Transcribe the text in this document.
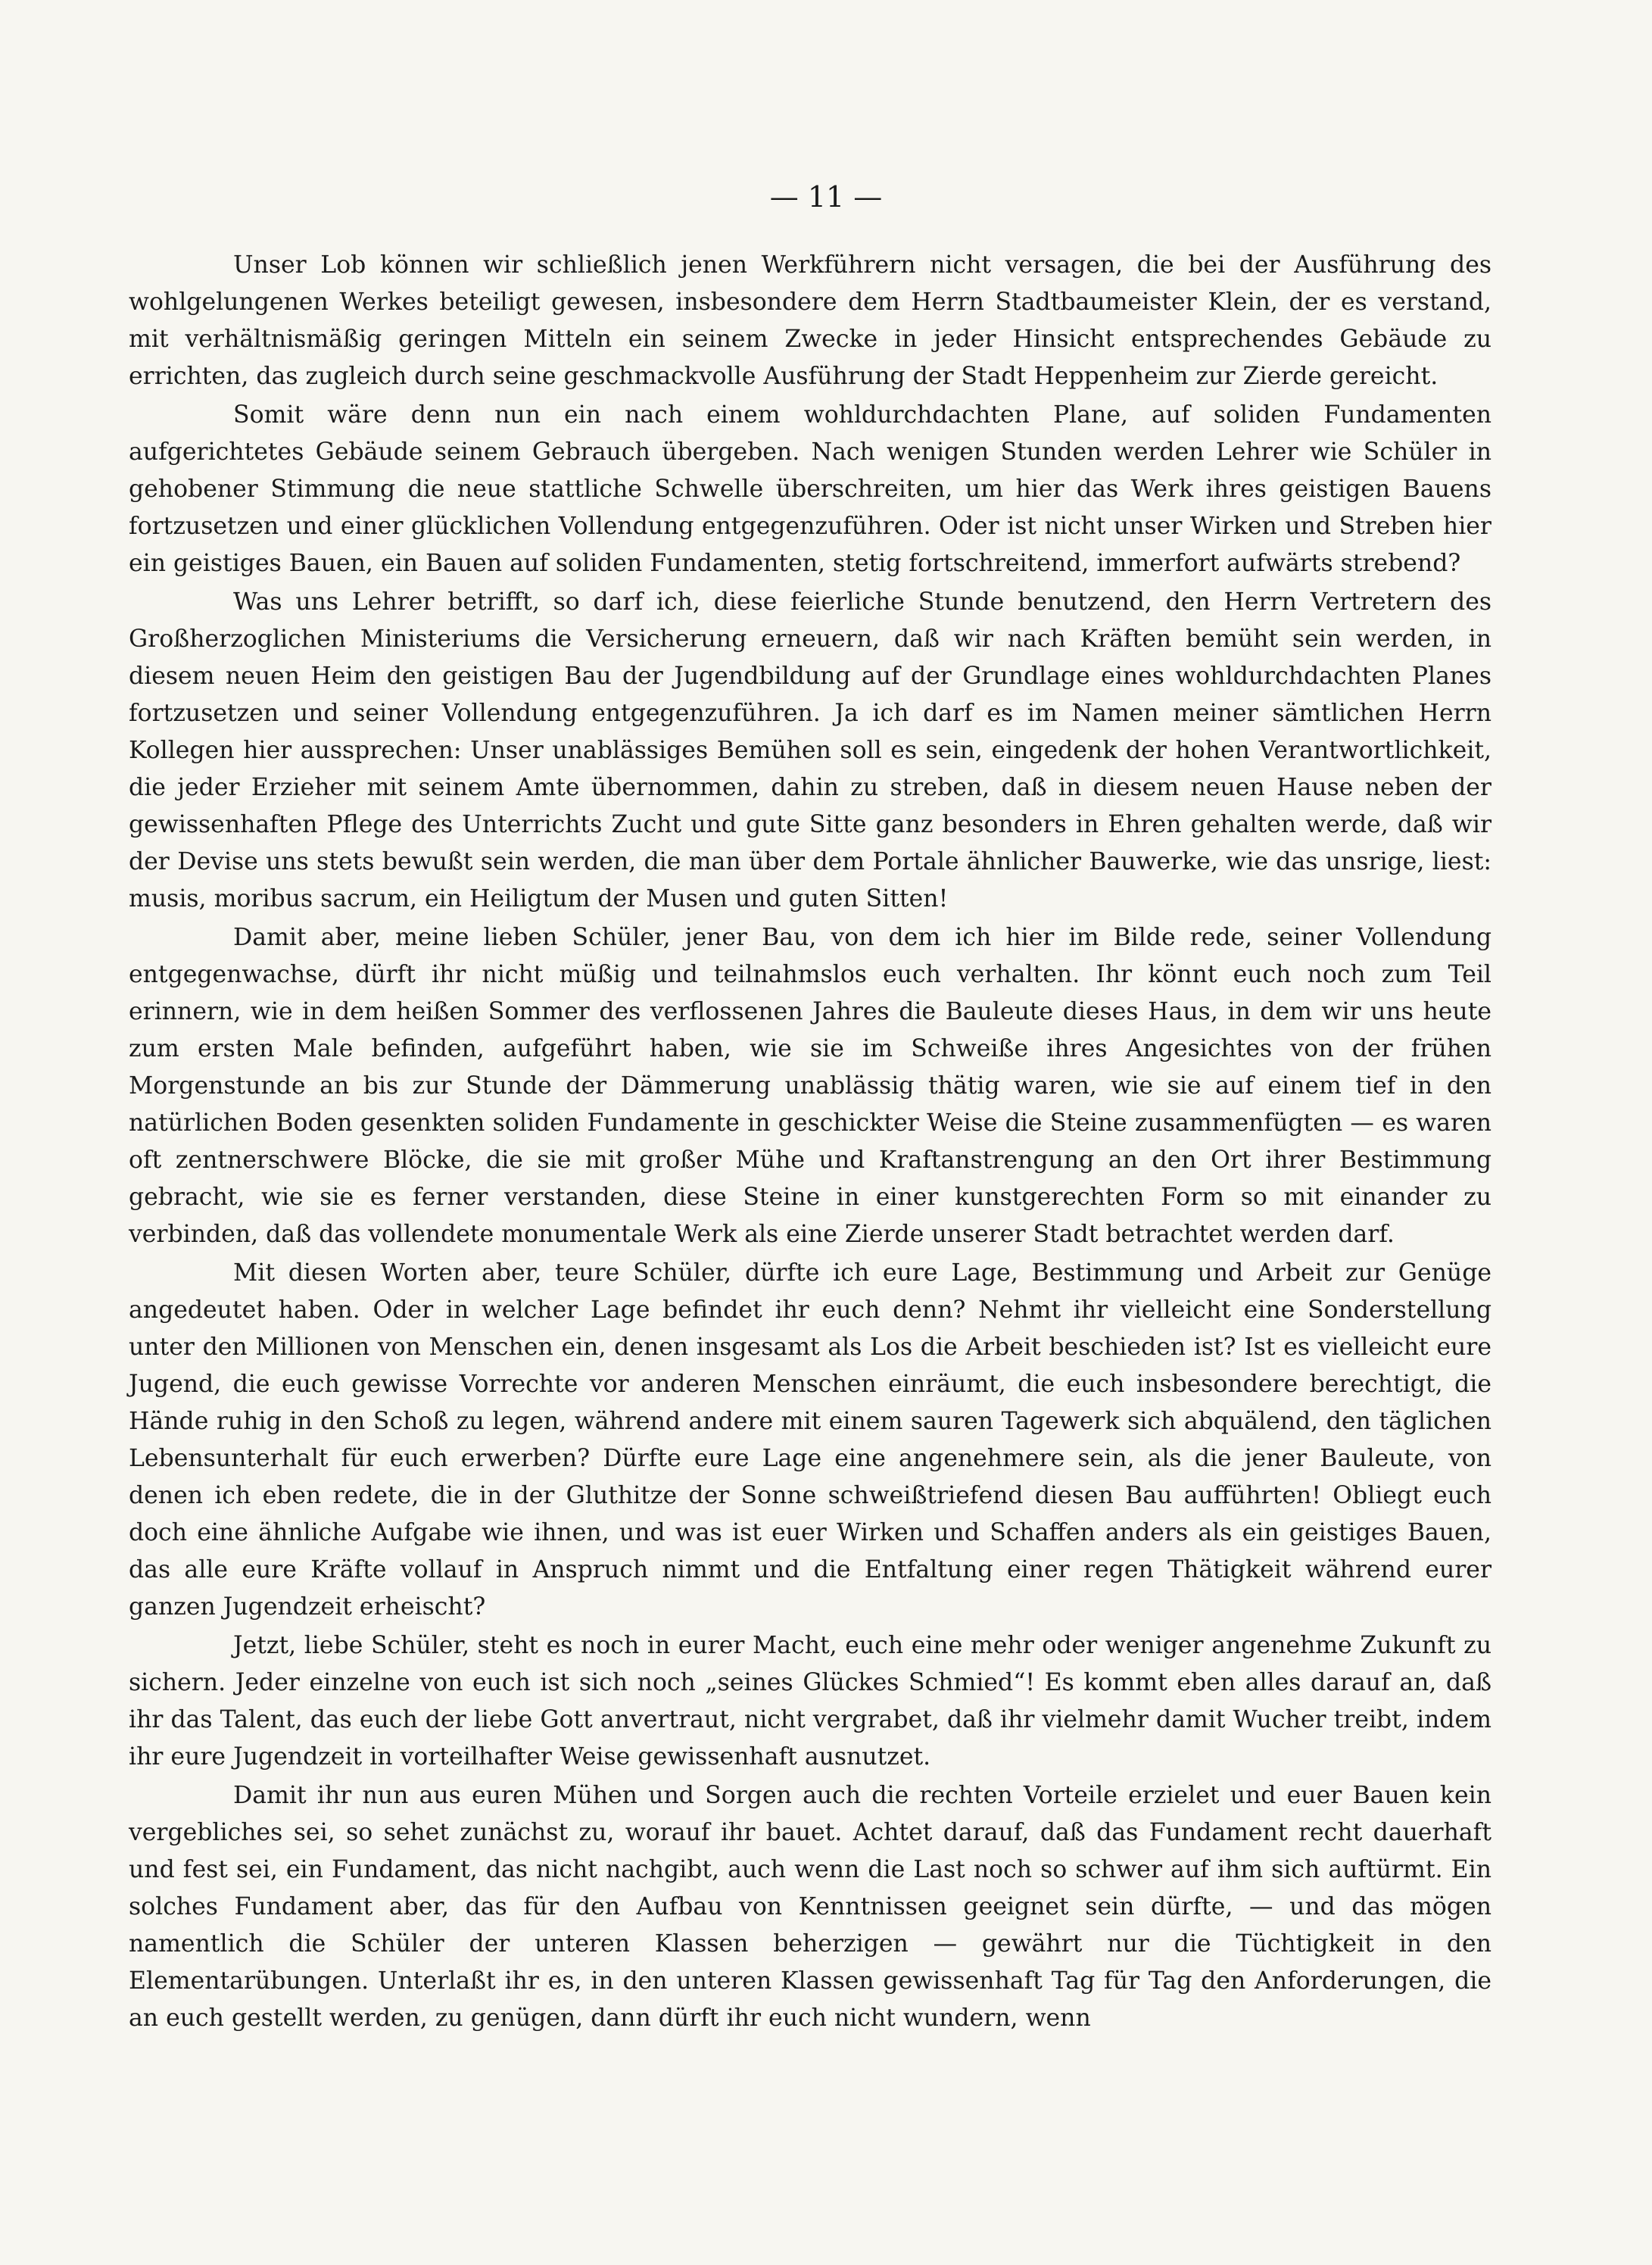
— 11 —

Unser Lob können wir schließlich jenen Werkführern nicht versagen, die bei der Ausführung des wohlgelungenen Werkes beteiligt gewesen, insbesondere dem Herrn Stadtbaumeister Klein, der es verstand, mit verhältnismäßig geringen Mitteln ein seinem Zwecke in jeder Hinsicht entsprechendes Gebäude zu errichten, das zugleich durch seine geschmackvolle Ausführung der Stadt Heppenheim zur Zierde gereicht.

Somit wäre denn nun ein nach einem wohldurchdachten Plane, auf soliden Fundamenten aufgerichtetes Gebäude seinem Gebrauch übergeben. Nach wenigen Stunden werden Lehrer wie Schüler in gehobener Stimmung die neue stattliche Schwelle überschreiten, um hier das Werk ihres geistigen Bauens fortzusetzen und einer glücklichen Vollendung entgegenzuführen. Oder ist nicht unser Wirken und Streben hier ein geistiges Bauen, ein Bauen auf soliden Fundamenten, stetig fortschreitend, immerfort aufwärts strebend?

Was uns Lehrer betrifft, so darf ich, diese feierliche Stunde benutzend, den Herrn Vertretern des Großherzoglichen Ministeriums die Versicherung erneuern, daß wir nach Kräften bemüht sein werden, in diesem neuen Heim den geistigen Bau der Jugendbildung auf der Grundlage eines wohldurchdachten Planes fortzusetzen und seiner Vollendung entgegenzuführen. Ja ich darf es im Namen meiner sämtlichen Herrn Kollegen hier aussprechen: Unser unablässiges Bemühen soll es sein, eingedenk der hohen Verantwortlichkeit, die jeder Erzieher mit seinem Amte übernommen, dahin zu streben, daß in diesem neuen Hause neben der gewissenhaften Pflege des Unterrichts Zucht und gute Sitte ganz besonders in Ehren gehalten werde, daß wir der Devise uns stets bewußt sein werden, die man über dem Portale ähnlicher Bauwerke, wie das unsrige, liest: musis, moribus sacrum, ein Heiligtum der Musen und guten Sitten!

Damit aber, meine lieben Schüler, jener Bau, von dem ich hier im Bilde rede, seiner Vollendung entgegenwachse, dürft ihr nicht müßig und teilnahmslos euch verhalten. Ihr könnt euch noch zum Teil erinnern, wie in dem heißen Sommer des verflossenen Jahres die Bauleute dieses Haus, in dem wir uns heute zum ersten Male befinden, aufgeführt haben, wie sie im Schweiße ihres Angesichtes von der frühen Morgenstunde an bis zur Stunde der Dämmerung unablässig thätig waren, wie sie auf einem tief in den natürlichen Boden gesenkten soliden Fundamente in geschickter Weise die Steine zusammenfügten — es waren oft zentnerschwere Blöcke, die sie mit großer Mühe und Kraftanstrengung an den Ort ihrer Bestimmung gebracht, wie sie es ferner verstanden, diese Steine in einer kunstgerechten Form so mit einander zu verbinden, daß das vollendete monumentale Werk als eine Zierde unserer Stadt betrachtet werden darf.

Mit diesen Worten aber, teure Schüler, dürfte ich eure Lage, Bestimmung und Arbeit zur Genüge angedeutet haben. Oder in welcher Lage befindet ihr euch denn? Nehmt ihr vielleicht eine Sonderstellung unter den Millionen von Menschen ein, denen insgesamt als Los die Arbeit beschieden ist? Ist es vielleicht eure Jugend, die euch gewisse Vorrechte vor anderen Menschen einräumt, die euch insbesondere berechtigt, die Hände ruhig in den Schoß zu legen, während andere mit einem sauren Tagewerk sich abquälend, den täglichen Lebensunterhalt für euch erwerben? Dürfte eure Lage eine angenehmere sein, als die jener Bauleute, von denen ich eben redete, die in der Gluthitze der Sonne schweißtriefend diesen Bau aufführten! Obliegt euch doch eine ähnliche Aufgabe wie ihnen, und was ist euer Wirken und Schaffen anders als ein geistiges Bauen, das alle eure Kräfte vollauf in Anspruch nimmt und die Entfaltung einer regen Thätigkeit während eurer ganzen Jugendzeit erheischt?

Jetzt, liebe Schüler, steht es noch in eurer Macht, euch eine mehr oder weniger angenehme Zukunft zu sichern. Jeder einzelne von euch ist sich noch „seines Glückes Schmied“! Es kommt eben alles darauf an, daß ihr das Talent, das euch der liebe Gott anvertraut, nicht vergrabet, daß ihr vielmehr damit Wucher treibt, indem ihr eure Jugendzeit in vorteilhafter Weise gewissenhaft ausnutzet.

Damit ihr nun aus euren Mühen und Sorgen auch die rechten Vorteile erzielet und euer Bauen kein vergebliches sei, so sehet zunächst zu, worauf ihr bauet. Achtet darauf, daß das Fundament recht dauerhaft und fest sei, ein Fundament, das nicht nachgibt, auch wenn die Last noch so schwer auf ihm sich auftürmt. Ein solches Fundament aber, das für den Aufbau von Kenntnissen geeignet sein dürfte, — und das mögen namentlich die Schüler der unteren Klassen beherzigen — gewährt nur die Tüchtigkeit in den Elementarübungen. Unterlaßt ihr es, in den unteren Klassen gewissenhaft Tag für Tag den Anforderungen, die an euch gestellt werden, zu genügen, dann dürft ihr euch nicht wundern, wenn
